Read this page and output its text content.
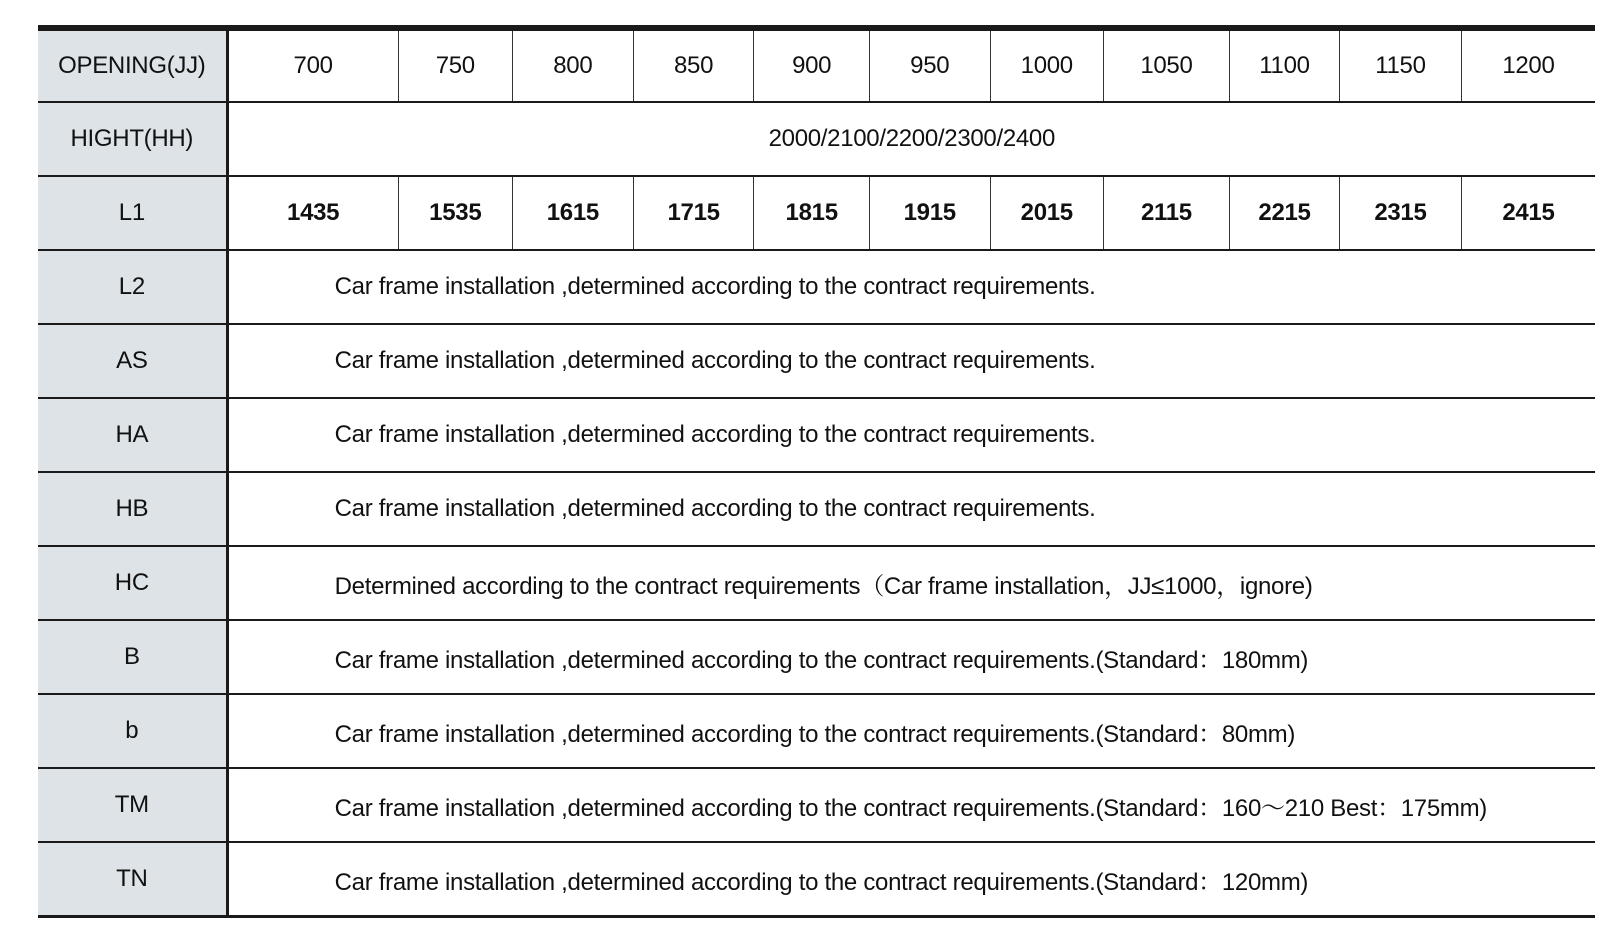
OPENING(JJ)	700	750	800	850	900	950	1000	1050	1100	1150	1200
HIGHT(HH)	2000/2100/2200/2300/2400										
L1	1435	1535	1615	1715	1815	1915	2015	2115	2215	2315	2415
L2	Car frame installation ,determined according to the contract requirements.										
AS	Car frame installation ,determined according to the contract requirements.										
HA	Car frame installation ,determined according to the contract requirements.										
HB	Car frame installation ,determined according to the contract requirements.										
HC	Determined according to the contract requirements（Car frame installation，JJ≤1000，ignore)										
B	Car frame installation ,determined according to the contract requirements.(Standard：180mm)										
b	Car frame installation ,determined according to the contract requirements.(Standard：80mm)										
TM	Car frame installation ,determined according to the contract requirements.(Standard：160～210 Best：175mm)										
TN	Car frame installation ,determined according to the contract requirements.(Standard：120mm)										
